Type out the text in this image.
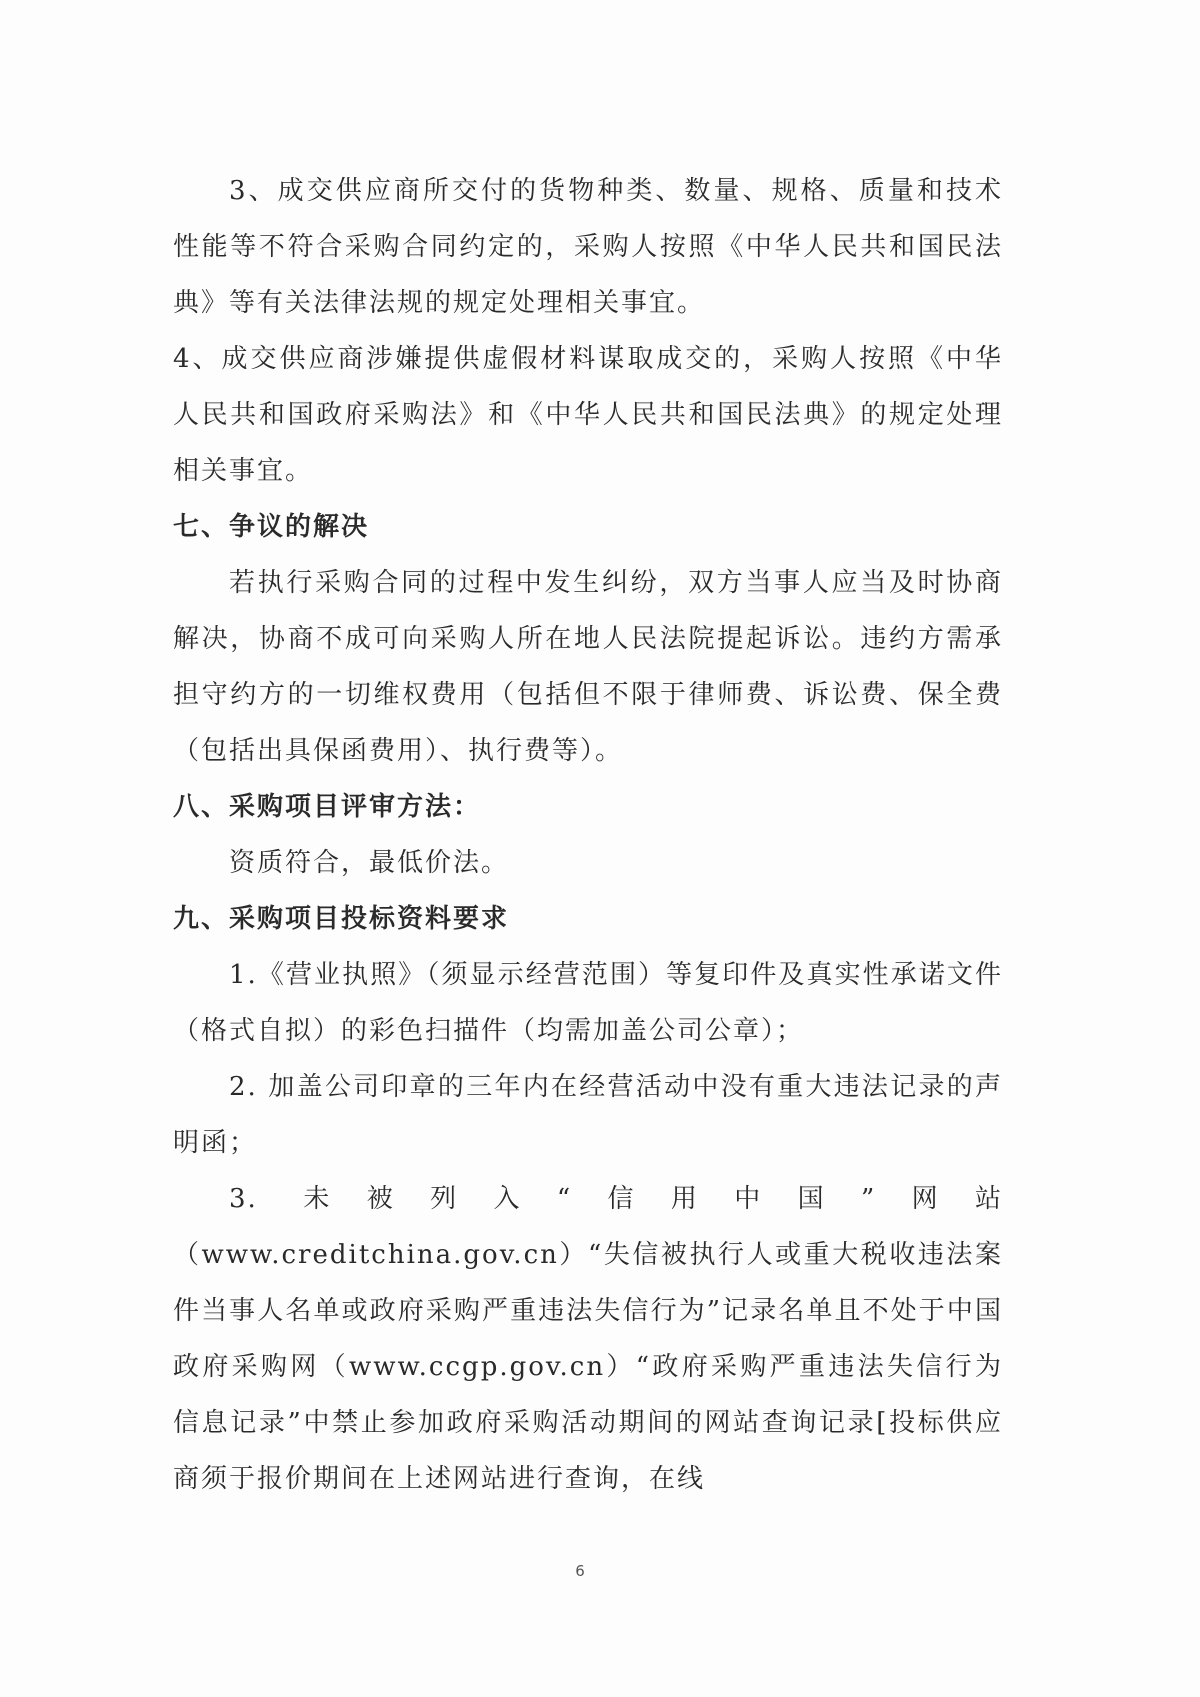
3、成交供应商所交付的货物种类、数量、规格、质量和技术性能等不符合采购合同约定的，采购人按照《中华人民共和国民法典》等有关法律法规的规定处理相关事宜。

4、成交供应商涉嫌提供虚假材料谋取成交的，采购人按照《中华人民共和国政府采购法》和《中华人民共和国民法典》的规定处理相关事宜。

七、争议的解决

若执行采购合同的过程中发生纠纷，双方当事人应当及时协商解决，协商不成可向采购人所在地人民法院提起诉讼。违约方需承担守约方的一切维权费用（包括但不限于律师费、诉讼费、保全费（包括出具保函费用）、执行费等）。

八、采购项目评审方法：

资质符合，最低价法。

九、采购项目投标资料要求

1.《营业执照》（须显示经营范围）等复印件及真实性承诺文件（格式自拟）的彩色扫描件（均需加盖公司公章）；

2. 加盖公司印章的三年内在经营活动中没有重大违法记录的声明函；

3. 未被列入“信用中国”网站（www.creditchina.gov.cn）“失信被执行人或重大税收违法案件当事人名单或政府采购严重违法失信行为”记录名单且不处于中国政府采购网（www.ccgp.gov.cn）“政府采购严重违法失信行为信息记录”中禁止参加政府采购活动期间的网站查询记录[投标供应商须于报价期间在上述网站进行查询，在线

6
